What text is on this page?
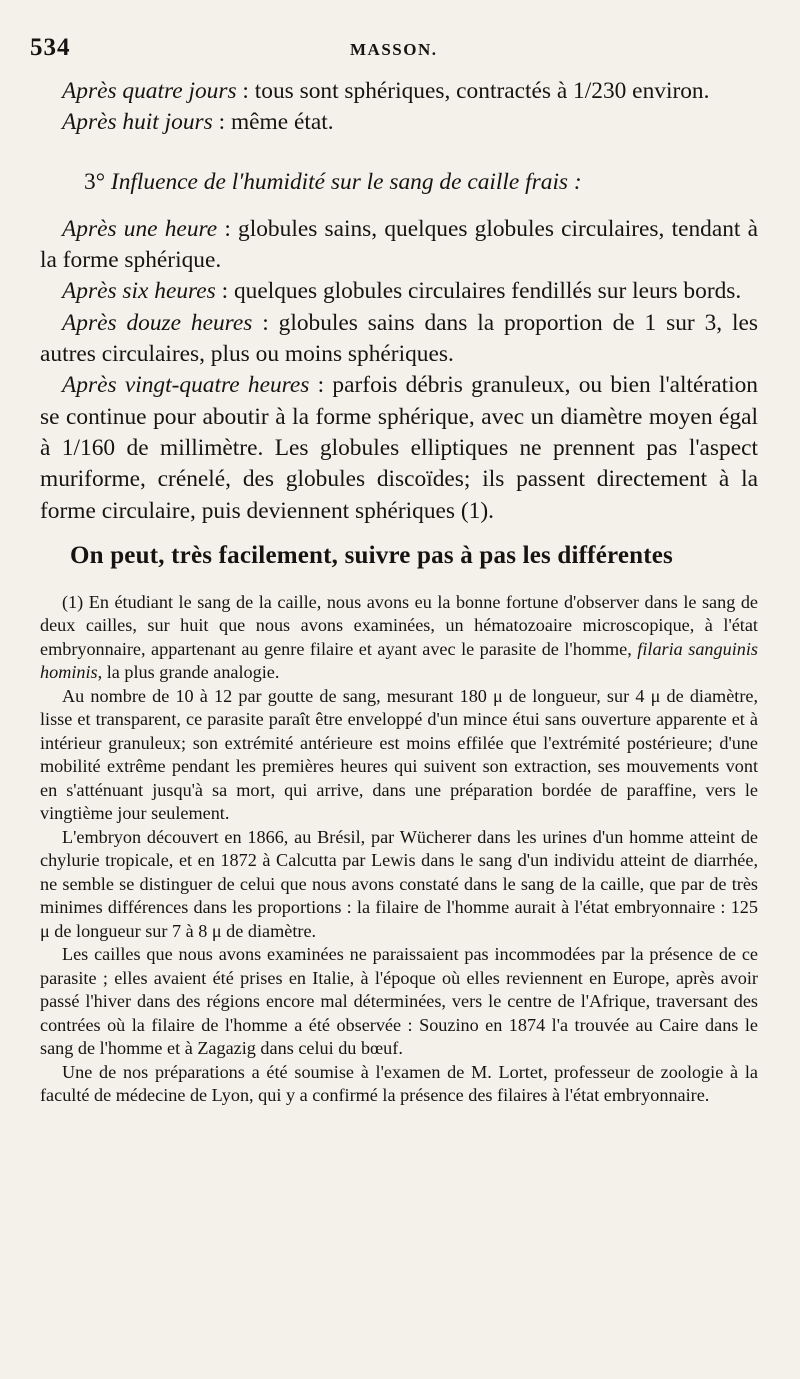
534	MASSON.

Après quatre jours : tous sont sphériques, contractés à 1/230 environ.

Après huit jours : même état.

3° Influence de l'humidité sur le sang de caille frais :

Après une heure : globules sains, quelques globules circulaires, tendant à la forme sphérique.

Après six heures : quelques globules circulaires fendillés sur leurs bords.

Après douze heures : globules sains dans la proportion de 1 sur 3, les autres circulaires, plus ou moins sphériques.

Après vingt-quatre heures : parfois débris granuleux, ou bien l'altération se continue pour aboutir à la forme sphérique, avec un diamètre moyen égal à 1/160 de millimètre. Les globules elliptiques ne prennent pas l'aspect muriforme, crénelé, des globules discoïdes; ils passent directement à la forme circulaire, puis deviennent sphériques (1).

On peut, très facilement, suivre pas à pas les différentes

(1) En étudiant le sang de la caille, nous avons eu la bonne fortune d'observer dans le sang de deux cailles, sur huit que nous avons examinées, un hématozoaire microscopique, à l'état embryonnaire, appartenant au genre filaire et ayant avec le parasite de l'homme, filaria sanguinis hominis, la plus grande analogie.

Au nombre de 10 à 12 par goutte de sang, mesurant 180 μ de longueur, sur 4 μ de diamètre, lisse et transparent, ce parasite paraît être enveloppé d'un mince étui sans ouverture apparente et à intérieur granuleux; son extrémité antérieure est moins effilée que l'extrémité postérieure; d'une mobilité extrême pendant les premières heures qui suivent son extraction, ses mouvements vont en s'atténuant jusqu'à sa mort, qui arrive, dans une préparation bordée de paraffine, vers le vingtième jour seulement.

L'embryon découvert en 1866, au Brésil, par Wücherer dans les urines d'un homme atteint de chylurie tropicale, et en 1872 à Calcutta par Lewis dans le sang d'un individu atteint de diarrhée, ne semble se distinguer de celui que nous avons constaté dans le sang de la caille, que par de très minimes différences dans les proportions : la filaire de l'homme aurait à l'état embryonnaire : 125 μ de longueur sur 7 à 8 μ de diamètre.

Les cailles que nous avons examinées ne paraissaient pas incommodées par la présence de ce parasite ; elles avaient été prises en Italie, à l'époque où elles reviennent en Europe, après avoir passé l'hiver dans des régions encore mal déterminées, vers le centre de l'Afrique, traversant des contrées où la filaire de l'homme a été observée : Souzino en 1874 l'a trouvée au Caire dans le sang de l'homme et à Zagazig dans celui du bœuf.

Une de nos préparations a été soumise à l'examen de M. Lortet, professeur de zoologie à la faculté de médecine de Lyon, qui y a confirmé la présence des filaires à l'état embryonnaire.
